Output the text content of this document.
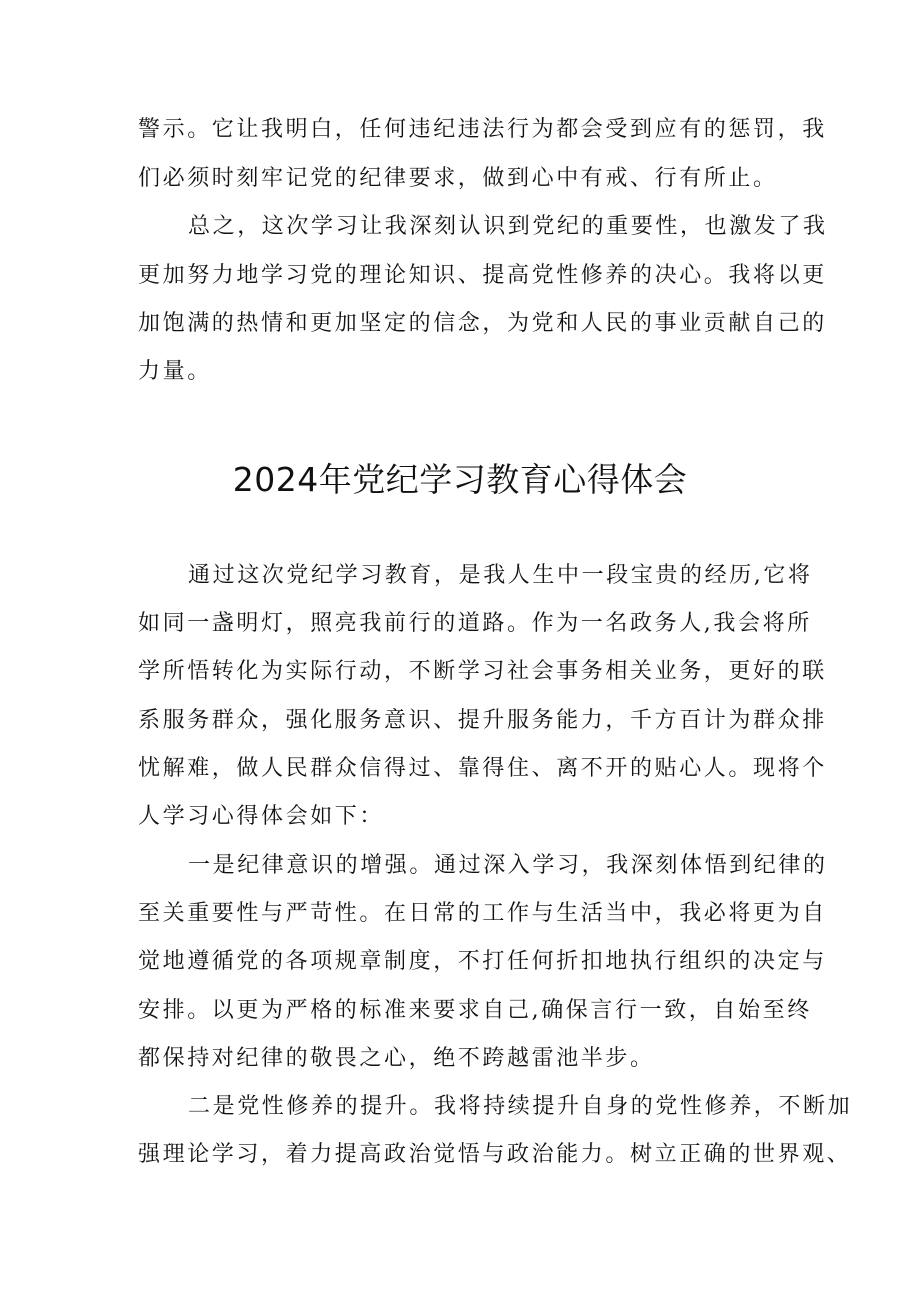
警示。它让我明白，任何违纪违法行为都会受到应有的惩罚，我
们必须时刻牢记党的纪律要求，做到心中有戒、行有所止。
总之，这次学习让我深刻认识到党纪的重要性，也激发了我
更加努力地学习党的理论知识、提高党性修养的决心。我将以更
加饱满的热情和更加坚定的信念，为党和人民的事业贡献自己的
力量。
2024年党纪学习教育心得体会
通过这次党纪学习教育，是我人生中一段宝贵的经历,它将
如同一盏明灯，照亮我前行的道路。作为一名政务人,我会将所
学所悟转化为实际行动，不断学习社会事务相关业务，更好的联
系服务群众，强化服务意识、提升服务能力，千方百计为群众排
忧解难，做人民群众信得过、靠得住、离不开的贴心人。现将个
人学习心得体会如下：
一是纪律意识的增强。通过深入学习，我深刻体悟到纪律的
至关重要性与严苛性。在日常的工作与生活当中，我必将更为自
觉地遵循党的各项规章制度，不打任何折扣地执行组织的决定与
安排。以更为严格的标准来要求自己,确保言行一致，自始至终
都保持对纪律的敬畏之心，绝不跨越雷池半步。
二是党性修养的提升。我将持续提升自身的党性修养，不断加
强理论学习，着力提高政治觉悟与政治能力。树立正确的世界观、
